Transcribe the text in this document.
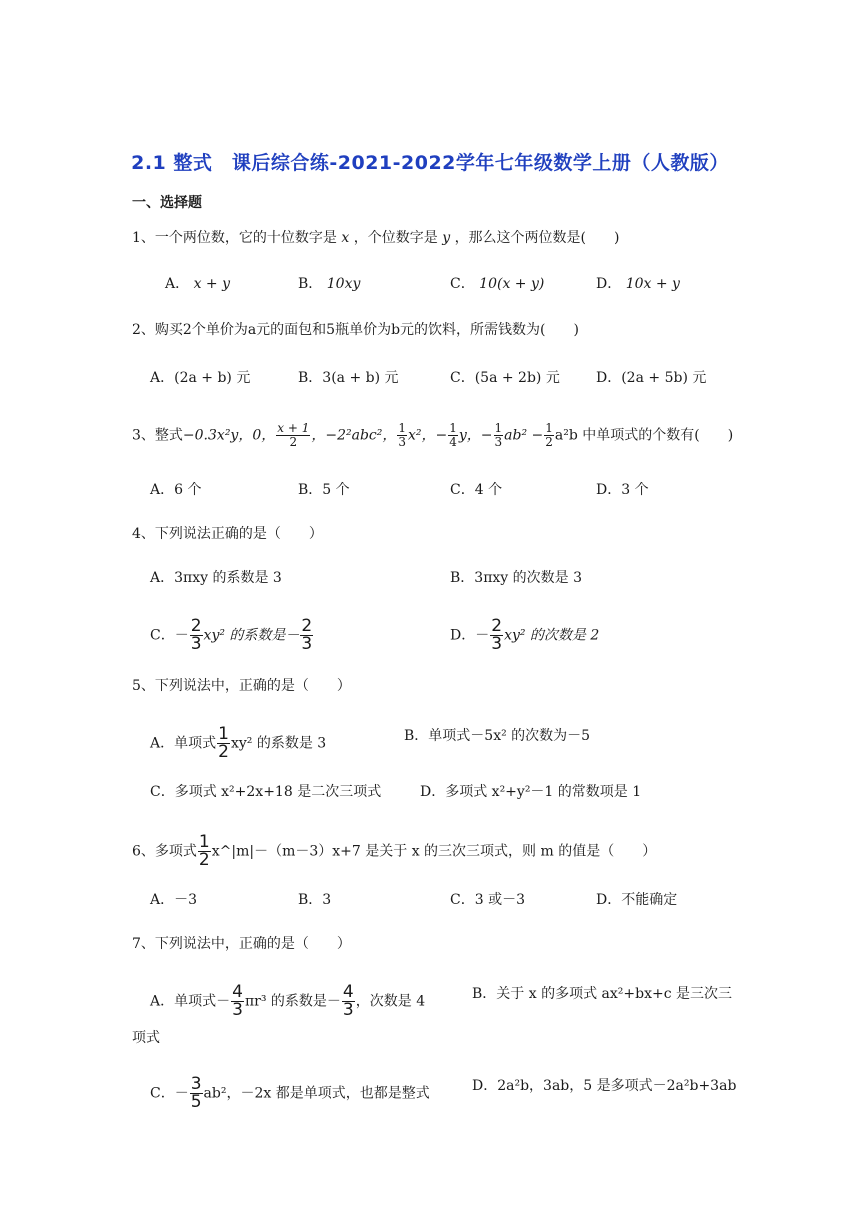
2.1 整式　课后综合练-2021-2022学年七年级数学上册（人教版）
一、选择题
1、一个两位数，它的十位数字是 x ，个位数字是 y ，那么这个两位数是(　　)
A． x + y	B． 10xy	C． 10(x + y)	D． 10x + y
2、购买2个单价为a元的面包和5瓶单价为b元的饮料，所需钱数为(　　)
A．(2a + b) 元	B．3(a + b) 元	C．(5a + 2b) 元	D．(2a + 5b) 元
3、整式−0.3x²y，0， $\frac{x + 1}{2}$ ，−2²abc²， $\frac{1}{3} x^2$，− $\frac{1}{4}$ y，− $\frac{1}{3} ab^2 - \frac{1}{2} a^2b$ 中单项式的个数有(　　)
A．6 个	B．5 个	C．4 个	D．3 个
4、下列说法正确的是（　　）
A．3πxy 的系数是 3	B．3πxy 的次数是 3
C．－ $\frac{2}{3} xy^2$ 的系数是－ $\frac{2}{3}$	D．－ $\frac{2}{3} xy^2$ 的次数是 2
5、下列说法中，正确的是（　　）
A．单项式 $\frac{1}{2} xy^2$ 的系数是 3	B．单项式－5x² 的次数为－5
C．多项式 x²+2x+18 是二次三项式	D．多项式 x²+y²－1 的常数项是 1
6、多项式 $\frac{1}{2}$ x^|m|－（m－3）x+7 是关于 x 的三次三项式，则 m 的值是（　　）
A．－3	B．3	C．3 或－3	D．不能确定
7、下列说法中，正确的是（　　）
A．单项式－ $\frac{4}{3} \pi r^3$ 的系数是－ $\frac{4}{3}$ ，次数是 4	B．关于 x 的多项式 ax²+bx+c 是三次三
项式
C．－ $\frac{3}{5} ab^2$，－2x 都是单项式，也都是整式	D．2a²b，3ab，5 是多项式－2a²b+3ab
